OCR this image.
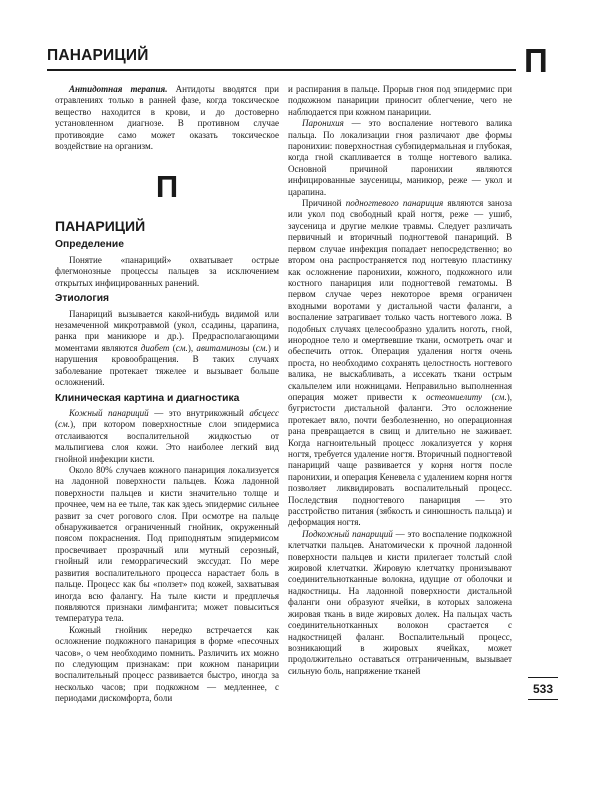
ПАНАРИЦИЙ	П

Антидотная терапия. Антидоты вводятся при отравлениях только в ранней фазе, когда токсическое вещество находится в крови, и до достоверно установленном диагнозе. В противном случае противоядие само может оказать токсическое воздействие на организм.

П
ПАНАРИЦИЙ
Определение

Понятие «панариций» охватывает острые флегмонозные процессы пальцев за исключением открытых инфицированных ранений.

Этиология

Панариций вызывается какой-нибудь видимой или незамеченной микротравмой (укол, ссадины, царапина, ранка при маникюре и др.). Предрасполагающими моментами являются диабет (см.), авитаминозы (см.) и нарушения кровообращения. В таких случаях заболевание протекает тяжелее и вызывает больше осложнений.

Клиническая картина и диагностика

Кожный панариций — это внутрикожный абсцесс (см.), при котором поверхностные слои эпидермиса отслаиваются воспалительной жидкостью от мальпигиева слоя кожи. Это наиболее легкий вид гнойной инфекции кисти.

Около 80% случаев кожного панариция локализуется на ладонной поверхности пальцев. Кожа ладонной поверхности пальцев и кисти значительно толще и прочнее, чем на ее тыле, так как здесь эпидермис сильнее развит за счет рогового слоя. При осмотре на пальце обнаруживается ограниченный гнойник, окруженный поясом покраснения. Под приподнятым эпидермисом просвечивает прозрачный или мутный серозный, гнойный или геморрагический экссудат. По мере развития воспалительного процесса нарастает боль в пальце. Процесс как бы «ползет» под кожей, захватывая иногда всю фалангу. На тыле кисти и предплечья появляются признаки лимфангита; может повыситься температура тела.

Кожный гнойник нередко встречается как осложнение подкожного панариция в форме «песочных часов», о чем необходимо помнить. Различить их можно по следующим признакам: при кожном панариции воспалительный процесс развивается быстро, иногда за несколько часов; при подкожном — медленнее, с периодами дискомфорта, боли

и распирания в пальце. Прорыв гноя под эпидермис при подкожном панариции приносит облегчение, чего не наблюдается при кожном панариции.

Паронихия — это воспаление ногтевого валика пальца. По локализации гноя различают две формы паронихии: поверхностная субэпидермальная и глубокая, когда гной скапливается в толще ногтевого валика. Основной причиной паронихии являются инфицированные заусеницы, маникюр, реже — укол и царапина.

Причиной подногтевого панариция являются заноза или укол под свободный край ногтя, реже — ушиб, заусеница и другие мелкие травмы. Следует различать первичный и вторичный подногтевой панариций. В первом случае инфекция попадает непосредственно; во втором она распространяется под ногтевую пластинку как осложнение паронихии, кожного, подкожного или костного панариция или подногтевой гематомы. В первом случае через некоторое время ограничен входными воротами у дистальной части фаланги, а воспаление затрагивает только часть ногтевого ложа. В подобных случаях целесообразно удалить ноготь, гной, инородное тело и омертвевшие ткани, осмотреть очаг и обеспечить отток. Операция удаления ногтя очень проста, но необходимо сохранять целостность ногтевого валика, не выскабливать, а иссекать ткани острым скальпелем или ножницами. Неправильно выполненная операция может привести к остеомиелиту (см.), бугристости дистальной фаланги. Это осложнение протекает вяло, почти безболезненно, но операционная рана превращается в свищ и длительно не заживает. Когда нагноительный процесс локализуется у корня ногтя, требуется удаление ногтя. Вторичный подногтевой панариций чаще развивается у корня ногтя после паронихии, и операция Кеневела с удалением корня ногтя позволяет ликвидировать воспалительный процесс. Последствия подногтевого панариция — это расстройство питания (зябкость и синюшность пальца) и деформация ногтя.

Подкожный панариций — это воспаление подкожной клетчатки пальцев. Анатомически к прочной ладонной поверхности пальцев и кисти прилегает толстый слой жировой клетчатки. Жировую клетчатку пронизывают соединительнотканные волокна, идущие от оболочки и надкостницы. На ладонной поверхности дистальной фаланги они образуют ячейки, в которых заложена жировая ткань в виде жировых долек. На пальцах часть соединительнотканных волокон срастается с надкостницей фаланг. Воспалительный процесс, возникающий в жировых ячейках, может продолжительно оставаться отграниченным, вызывает сильную боль, напряжение тканей

533
